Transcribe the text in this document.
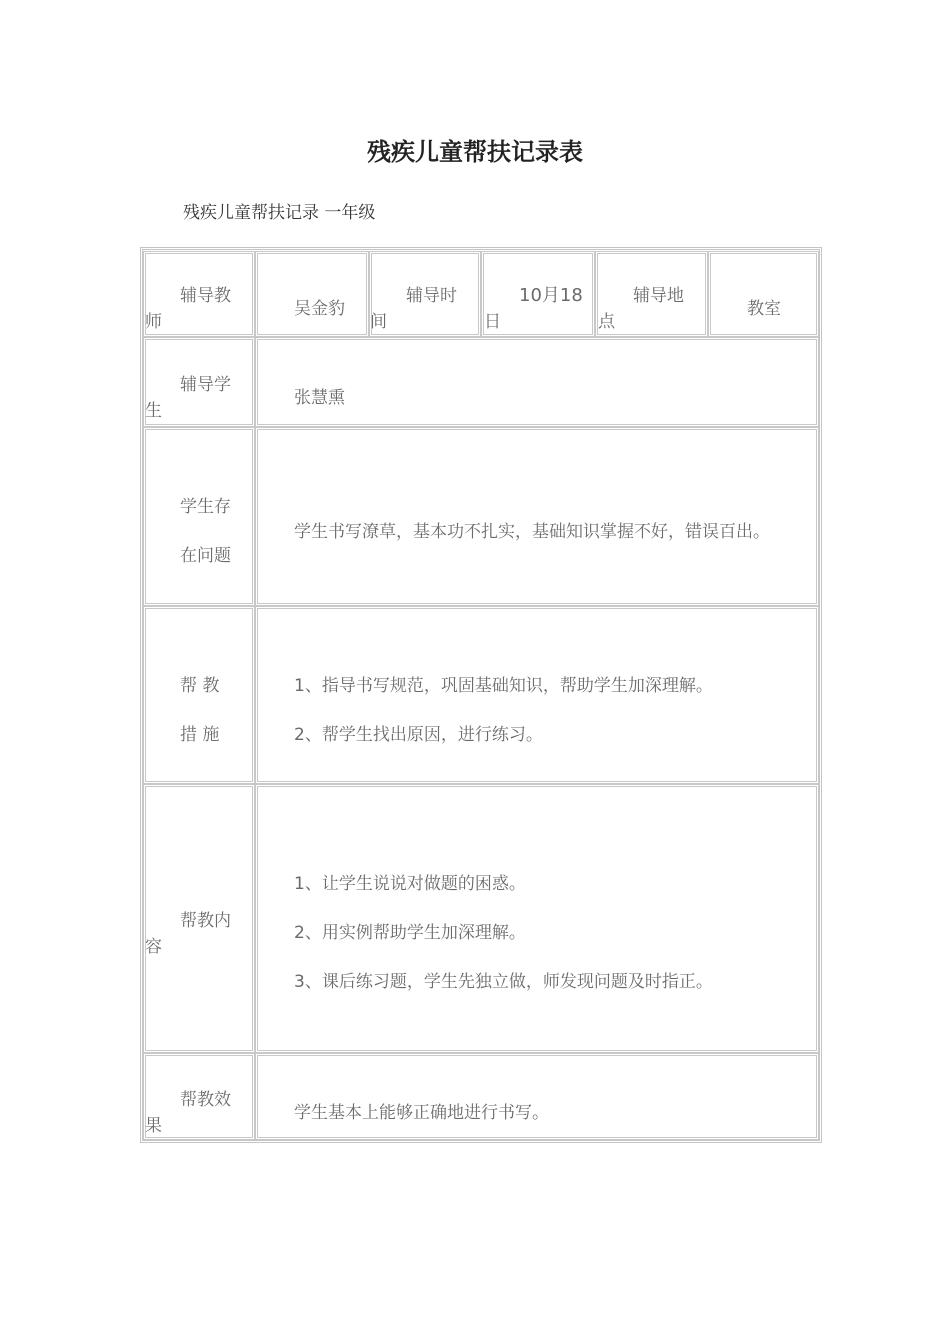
残疾儿童帮扶记录表
残疾儿童帮扶记录 一年级
辅导教
师
吴金豹
辅导时
间
10月18
日
辅导地
点
教室
辅导学
生
张慧熏
学生存
在问题
学生书写潦草，基本功不扎实，基础知识掌握不好，错误百出。
帮 教
措 施
1、指导书写规范，巩固基础知识，帮助学生加深理解。
2、帮学生找出原因，进行练习。
帮教内
容
1、让学生说说对做题的困惑。
2、用实例帮助学生加深理解。
3、课后练习题，学生先独立做，师发现问题及时指正。
帮教效
果
学生基本上能够正确地进行书写。
